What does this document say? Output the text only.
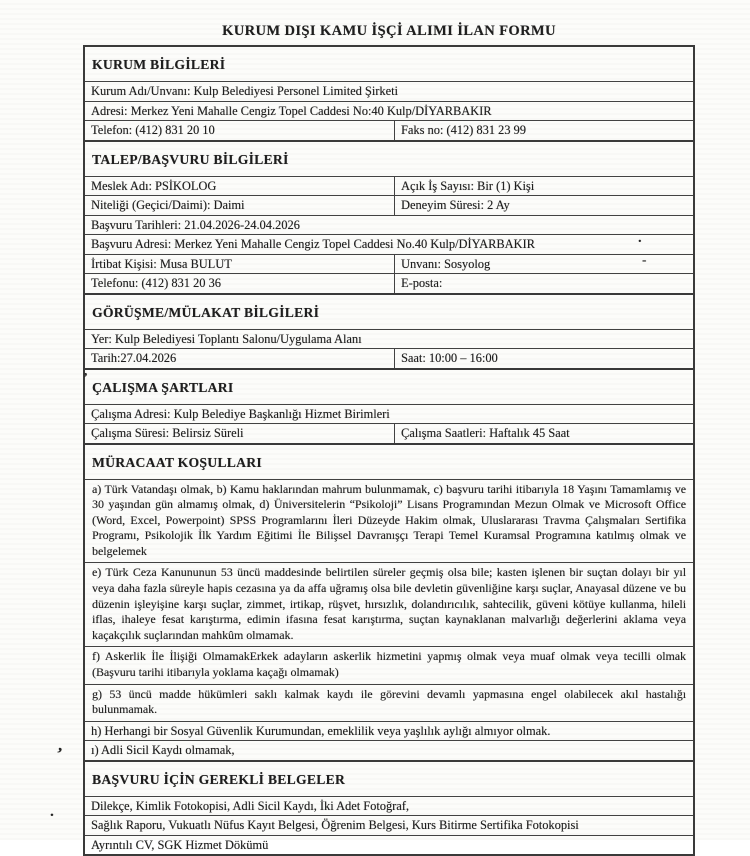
KURUM DIŞI KAMU İŞÇİ ALIMI İLAN FORMU
KURUM BİLGİLERİ
Kurum Adı/Unvanı: Kulp Belediyesi Personel Limited Şirketi
Adresi: Merkez Yeni Mahalle Cengiz Topel Caddesi No:40 Kulp/DİYARBAKIR
Telefon: (412) 831 20 10	Faks no: (412) 831 23 99
TALEP/BAŞVURU BİLGİLERİ
Meslek Adı: PSİKOLOG	Açık İş Sayısı: Bir (1) Kişi
Niteliği (Geçici/Daimi): Daimi	Deneyim Süresi: 2 Ay
Başvuru Tarihleri: 21.04.2026-24.04.2026
Başvuru Adresi: Merkez Yeni Mahalle Cengiz Topel Caddesi No.40 Kulp/DİYARBAKIR
İrtibat Kişisi: Musa BULUT	Unvanı: Sosyolog
Telefonu: (412) 831 20 36	E-posta:
GÖRÜŞME/MÜLAKAT BİLGİLERİ
Yer: Kulp Belediyesi Toplantı Salonu/Uygulama Alanı
Tarih:27.04.2026	Saat: 10:00 – 16:00
ÇALIŞMA ŞARTLARI
Çalışma Adresi: Kulp Belediye Başkanlığı Hizmet Birimleri
Çalışma Süresi: Belirsiz Süreli	Çalışma Saatleri: Haftalık 45 Saat
MÜRACAAT KOŞULLARI
a) Türk Vatandaşı olmak, b) Kamu haklarından mahrum bulunmamak, c) başvuru tarihi itibarıyla 18 Yaşını Tamamlamış ve 30 yaşından gün almamış olmak, d) Üniversitelerin “Psikoloji” Lisans Programından Mezun Olmak ve Microsoft Office (Word, Excel, Powerpoint) SPSS Programlarını İleri Düzeyde Hakim olmak, Uluslararası Travma Çalışmaları Sertifika Programı, Psikolojik İlk Yardım Eğitimi İle Bilişsel Davranışçı Terapi Temel Kuramsal Programına katılmış olmak ve belgelemek
e) Türk Ceza Kanununun 53 üncü maddesinde belirtilen süreler geçmiş olsa bile; kasten işlenen bir suçtan dolayı bir yıl veya daha fazla süreyle hapis cezasına ya da affa uğramış olsa bile devletin güvenliğine karşı suçlar, Anayasal düzene ve bu düzenin işleyişine karşı suçlar, zimmet, irtikap, rüşvet, hırsızlık, dolandırıcılık, sahtecilik, güveni kötüye kullanma, hileli iflas, ihaleye fesat karıştırma, edimin ifasına fesat karıştırma, suçtan kaynaklanan malvarlığı değerlerini aklama veya kaçakçılık suçlarından mahkûm olmamak.
f) Askerlik İle İlişiği OlmamakErkek adayların askerlik hizmetini yapmış olmak veya muaf olmak veya tecilli olmak (Başvuru tarihi itibarıyla yoklama kaçağı olmamak)
g) 53 üncü madde hükümleri saklı kalmak kaydı ile görevini devamlı yapmasına engel olabilecek akıl hastalığı bulunmamak.
h) Herhangi bir Sosyal Güvenlik Kurumundan, emeklilik veya yaşlılık aylığı almıyor olmak.
ı) Adli Sicil Kaydı olmamak,
BAŞVURU İÇİN GEREKLİ BELGELER
Dilekçe, Kimlik Fotokopisi, Adli Sicil Kaydı, İki Adet Fotoğraf,
Sağlık Raporu, Vukuatlı Nüfus Kayıt Belgesi, Öğrenim Belgesi, Kurs Bitirme Sertifika Fotokopisi
Ayrıntılı CV, SGK Hizmet Dökümü
’
.
.
-
,
